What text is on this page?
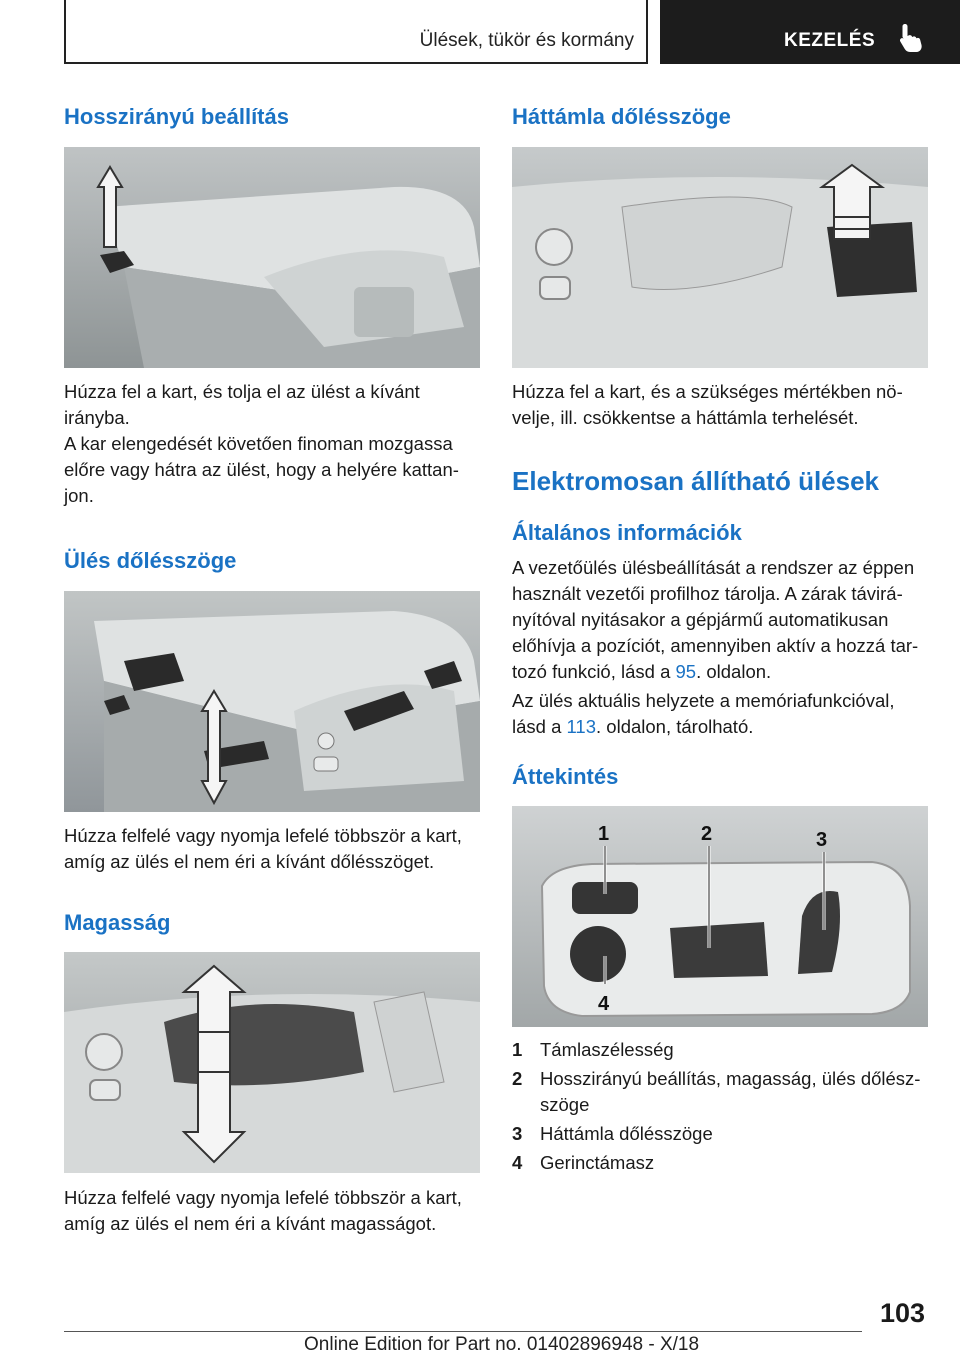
Ülések, tükör és kormány	KEZELÉS
Hosszirányú beállítás

Húzza fel a kart, és tolja el az ülést a kívánt irányba.

A kar elengedését követően finoman mozgassa előre vagy hátra az ülést, hogy a helyére kattan-jon.

Ülés dőlésszöge

Húzza felfelé vagy nyomja lefelé többször a kart, amíg az ülés el nem éri a kívánt dőlésszöget.

Magasság

Húzza felfelé vagy nyomja lefelé többször a kart, amíg az ülés el nem éri a kívánt magasságot.

Háttámla dőlésszöge

Húzza fel a kart, és a szükséges mértékben nö-velje, ill. csökkentse a háttámla terhelését.

Elektromosan állítható ülések
Általános információk

A vezetőülés ülésbeállítását a rendszer az éppen használt vezetői profilhoz tárolja. A zárak távirá-nyítóval nyitásakor a gépjármű automatikusan előhívja a pozíciót, amennyiben aktív a hozzá tar-tozó funkció, lásd a 95. oldalon.

Az ülés aktuális helyzete a memóriafunkcióval, lásd a 113. oldalon, tárolható.

Áttekintés
1	2	3
4
1 Támlaszélesség
2 Hosszirányú beállítás, magasság, ülés dőlész-szöge
3 Háttámla dőlésszöge
4 Gerinctámasz
103
Online Edition for Part no. 01402896948 - X/18
